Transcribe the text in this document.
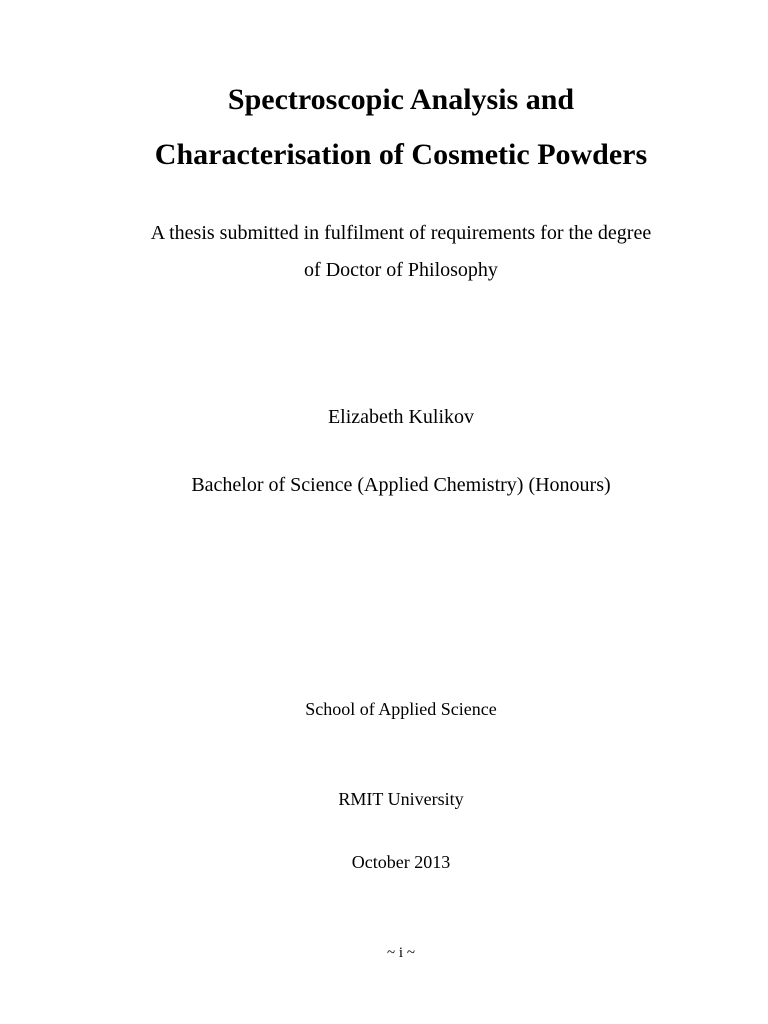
Spectroscopic Analysis and
Characterisation of Cosmetic Powders
A thesis submitted in fulfilment of requirements for the degree
of Doctor of Philosophy
Elizabeth Kulikov
Bachelor of Science (Applied Chemistry) (Honours)
School of Applied Science
RMIT University
October 2013
~ i ~
